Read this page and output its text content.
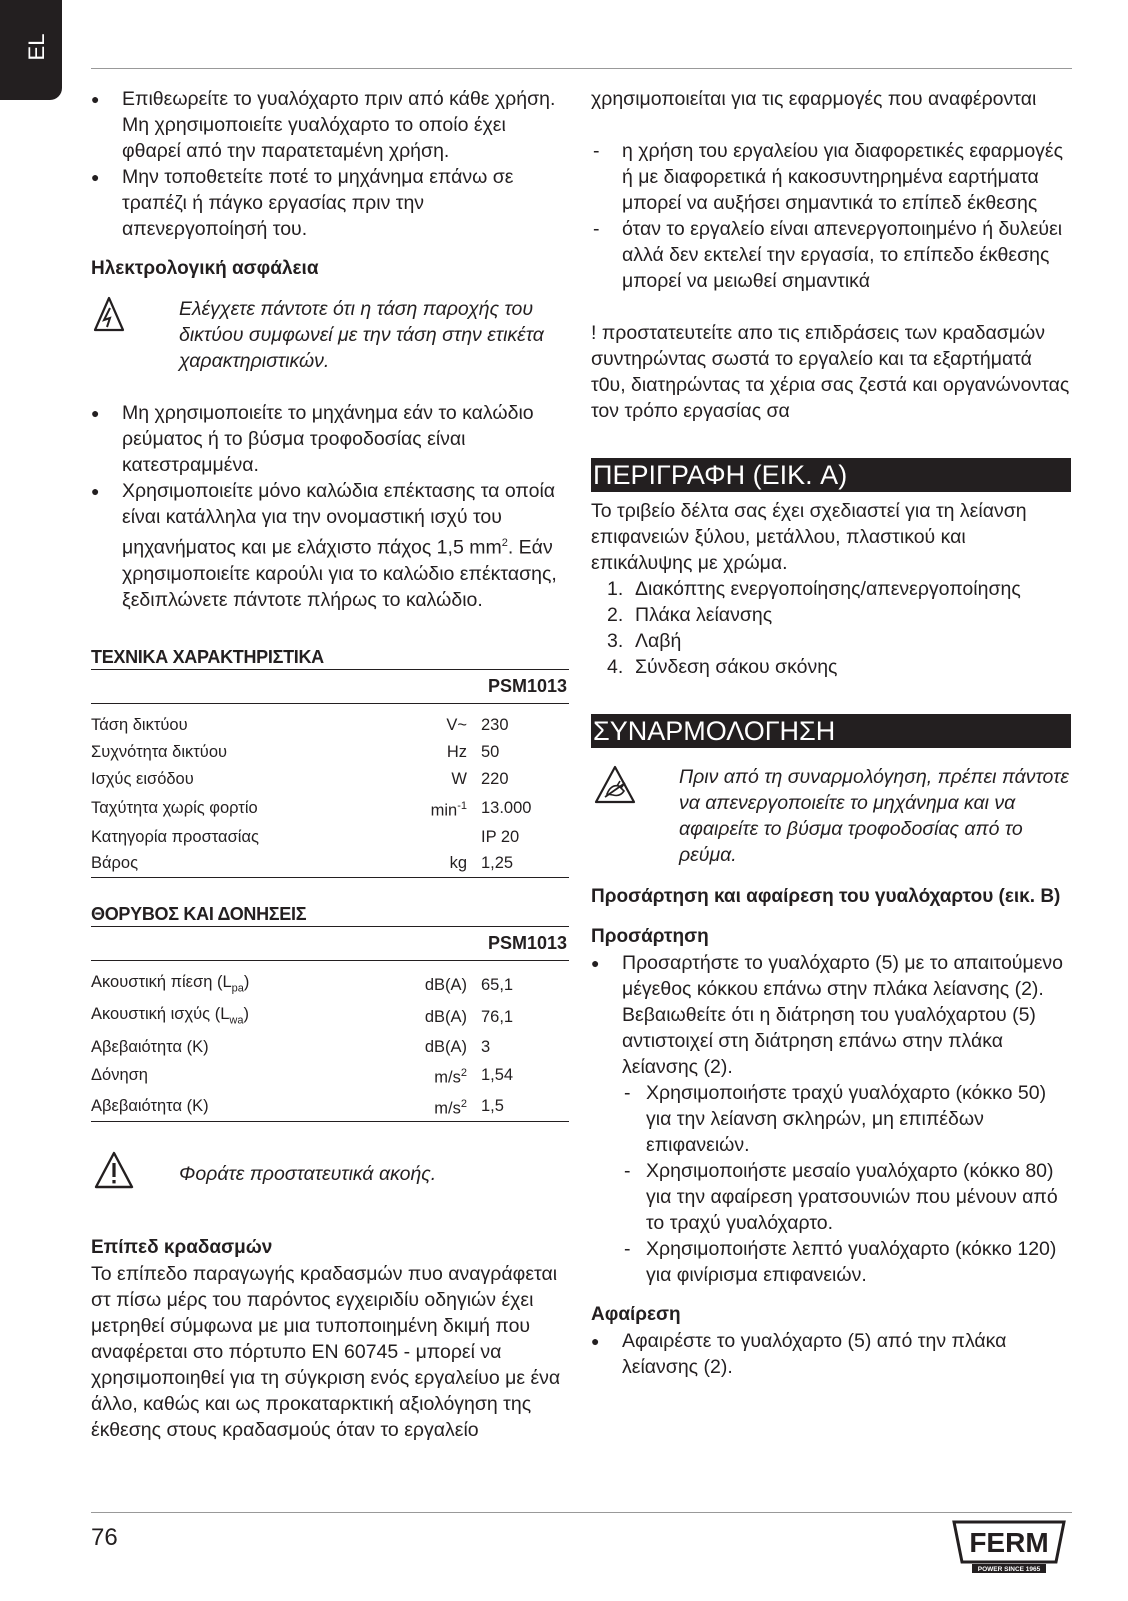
EL
● Επιθεωρείτε το γυαλόχαρτο πριν από κάθε χρήση. Μη χρησιμοποιείτε γυαλόχαρτο το οποίο έχει φθαρεί από την παρατεταμένη χρήση.
● Μην τοποθετείτε ποτέ το μηχάνημα επάνω σε τραπέζι ή πάγκο εργασίας πριν την απενεργοποίησή του.
Ηλεκτρολογική ασφάλεια
Ελέγχετε πάντοτε ότι η τάση παροχής του δικτύου συμφωνεί με την τάση στην ετικέτα χαρακτηριστικών.
● Μη χρησιμοποιείτε το μηχάνημα εάν το καλώδιο ρεύματος ή το βύσμα τροφοδοσίας είναι κατεστραμμένα.
● Χρησιμοποιείτε μόνο καλώδια επέκτασης τα οποία είναι κατάλληλα για την ονομαστική ισχύ του μηχανήματος και με ελάχιστο πάχος 1,5 $mm^2$. Εάν χρησιμοποιείτε καρούλι για το καλώδιο επέκτασης, ξεδιπλώνετε πάντοτε πλήρως το καλώδιο.
ΤΕΧΝΙΚΑ ΧΑΡΑΚΤΗΡΙΣΤΙΚΑ
PSM1013		

Τάση δικτύου	V~	230
Συχνότητα δικτύου	Hz	50
Ισχύς εισόδου	W	220
Ταχύτητα χωρίς φορτίο	$\min^{-1}$	13.000
Κατηγορία προστασίας		IP 20
Βάρος	kg	1,25
ΘΟΡΥΒΟΣ ΚΑΙ ΔΟΝΗΣΕΙΣ
PSM1013		

Ακουστική πίεση $(L_{pa})$	dB(A)	65,1
Ακουστική ισχύς $(L_{wa})$	dB(A)	76,1
Αβεβαιότητα (K)	dB(A)	3
Δόνηση	$m/s^2$	1,54
Αβεβαιότητα (K)	$m/s^2$	1,5
Φοράτε προστατευτικά ακοής.
Επίπεδ κραδασμών
Το επίπεδο παραγωγής κραδασμών πυο αναγράφεται στ πίσω μέρς του παρόντος εγχειριδίυ οδηγιών έχει μετρηθεί σύμφωνα με μια τυποποιημένη δκιμή που αναφέρεται στο πόρτυπο EN 60745 - μπορεί να χρησιμοποιηθεί για τη σύγκριση ενός εργαλείυο με ένα άλλο, καθώς και ως προκαταρκτική αξιολόγηση της έκθεσης στους κραδασμούς όταν το εργαλείο
χρησιμοποιείται για τις εφαρμογές που αναφέρονται
- η χρήση του εργαλείου για διαφορετικές εφαρμογές ή με διαφορετικά ή κακοσυντηρημένα εαρτήματα μπορεί να αυξήσει σημαντικά το επίπεδ έκθεσης
- όταν το εργαλείο είναι απενεργοποιημένο ή δυλεύει αλλά δεν εκτελεί την εργασία, το επίπεδο έκθεσης μπορεί να μειωθεί σημαντικά
! προστατευτείτε απο τις επιδράσεις των κραδασμών συντηρώντας σωστά το εργαλείο και τα εξαρτήματά τ0υ, διατηρώντας τα χέρια σας ζεστά και οργανώνοντας τον τρόπο εργασίας σα
ΠΕΡΙΓΡΑΦΗ (ΕΙΚ. A)
Το τριβείο δέλτα σας έχει σχεδιαστεί για τη λείανση επιφανειών ξύλου, μετάλλου, πλαστικού και επικάλυψης με χρώμα.
1. Διακόπτης ενεργοποίησης/απενεργοποίησης
2. Πλάκα λείανσης
3. Λαβή
4. Σύνδεση σάκου σκόνης
ΣΥΝΑΡΜΟΛΟΓΗΣΗ
Πριν από τη συναρμολόγηση, πρέπει πάντοτε να απενεργοποιείτε το μηχάνημα και να αφαιρείτε το βύσμα τροφοδοσίας από το ρεύμα.
Προσάρτηση και αφαίρεση του γυαλόχαρτου (εικ. B)
Προσάρτηση
● Προσαρτήστε το γυαλόχαρτο (5) με το απαιτούμενο μέγεθος κόκκου επάνω στην πλάκα λείανσης (2). Βεβαιωθείτε ότι η διάτρηση του γυαλόχαρτου (5) αντιστοιχεί στη διάτρηση επάνω στην πλάκα λείανσης (2).
- Χρησιμοποιήστε τραχύ γυαλόχαρτο (κόκκο 50) για την λείανση σκληρών, μη επιπέδων επιφανειών.
- Χρησιμοποιήστε μεσαίο γυαλόχαρτο (κόκκο 80) για την αφαίρεση γρατσουνιών που μένουν από το τραχύ γυαλόχαρτο.
- Χρησιμοποιήστε λεπτό γυαλόχαρτο (κόκκο 120) για φινίρισμα επιφανειών.
Αφαίρεση
● Αφαιρέστε το γυαλόχαρτο (5) από την πλάκα λείανσης (2).
76	FERM
POWER SINCE 1965
